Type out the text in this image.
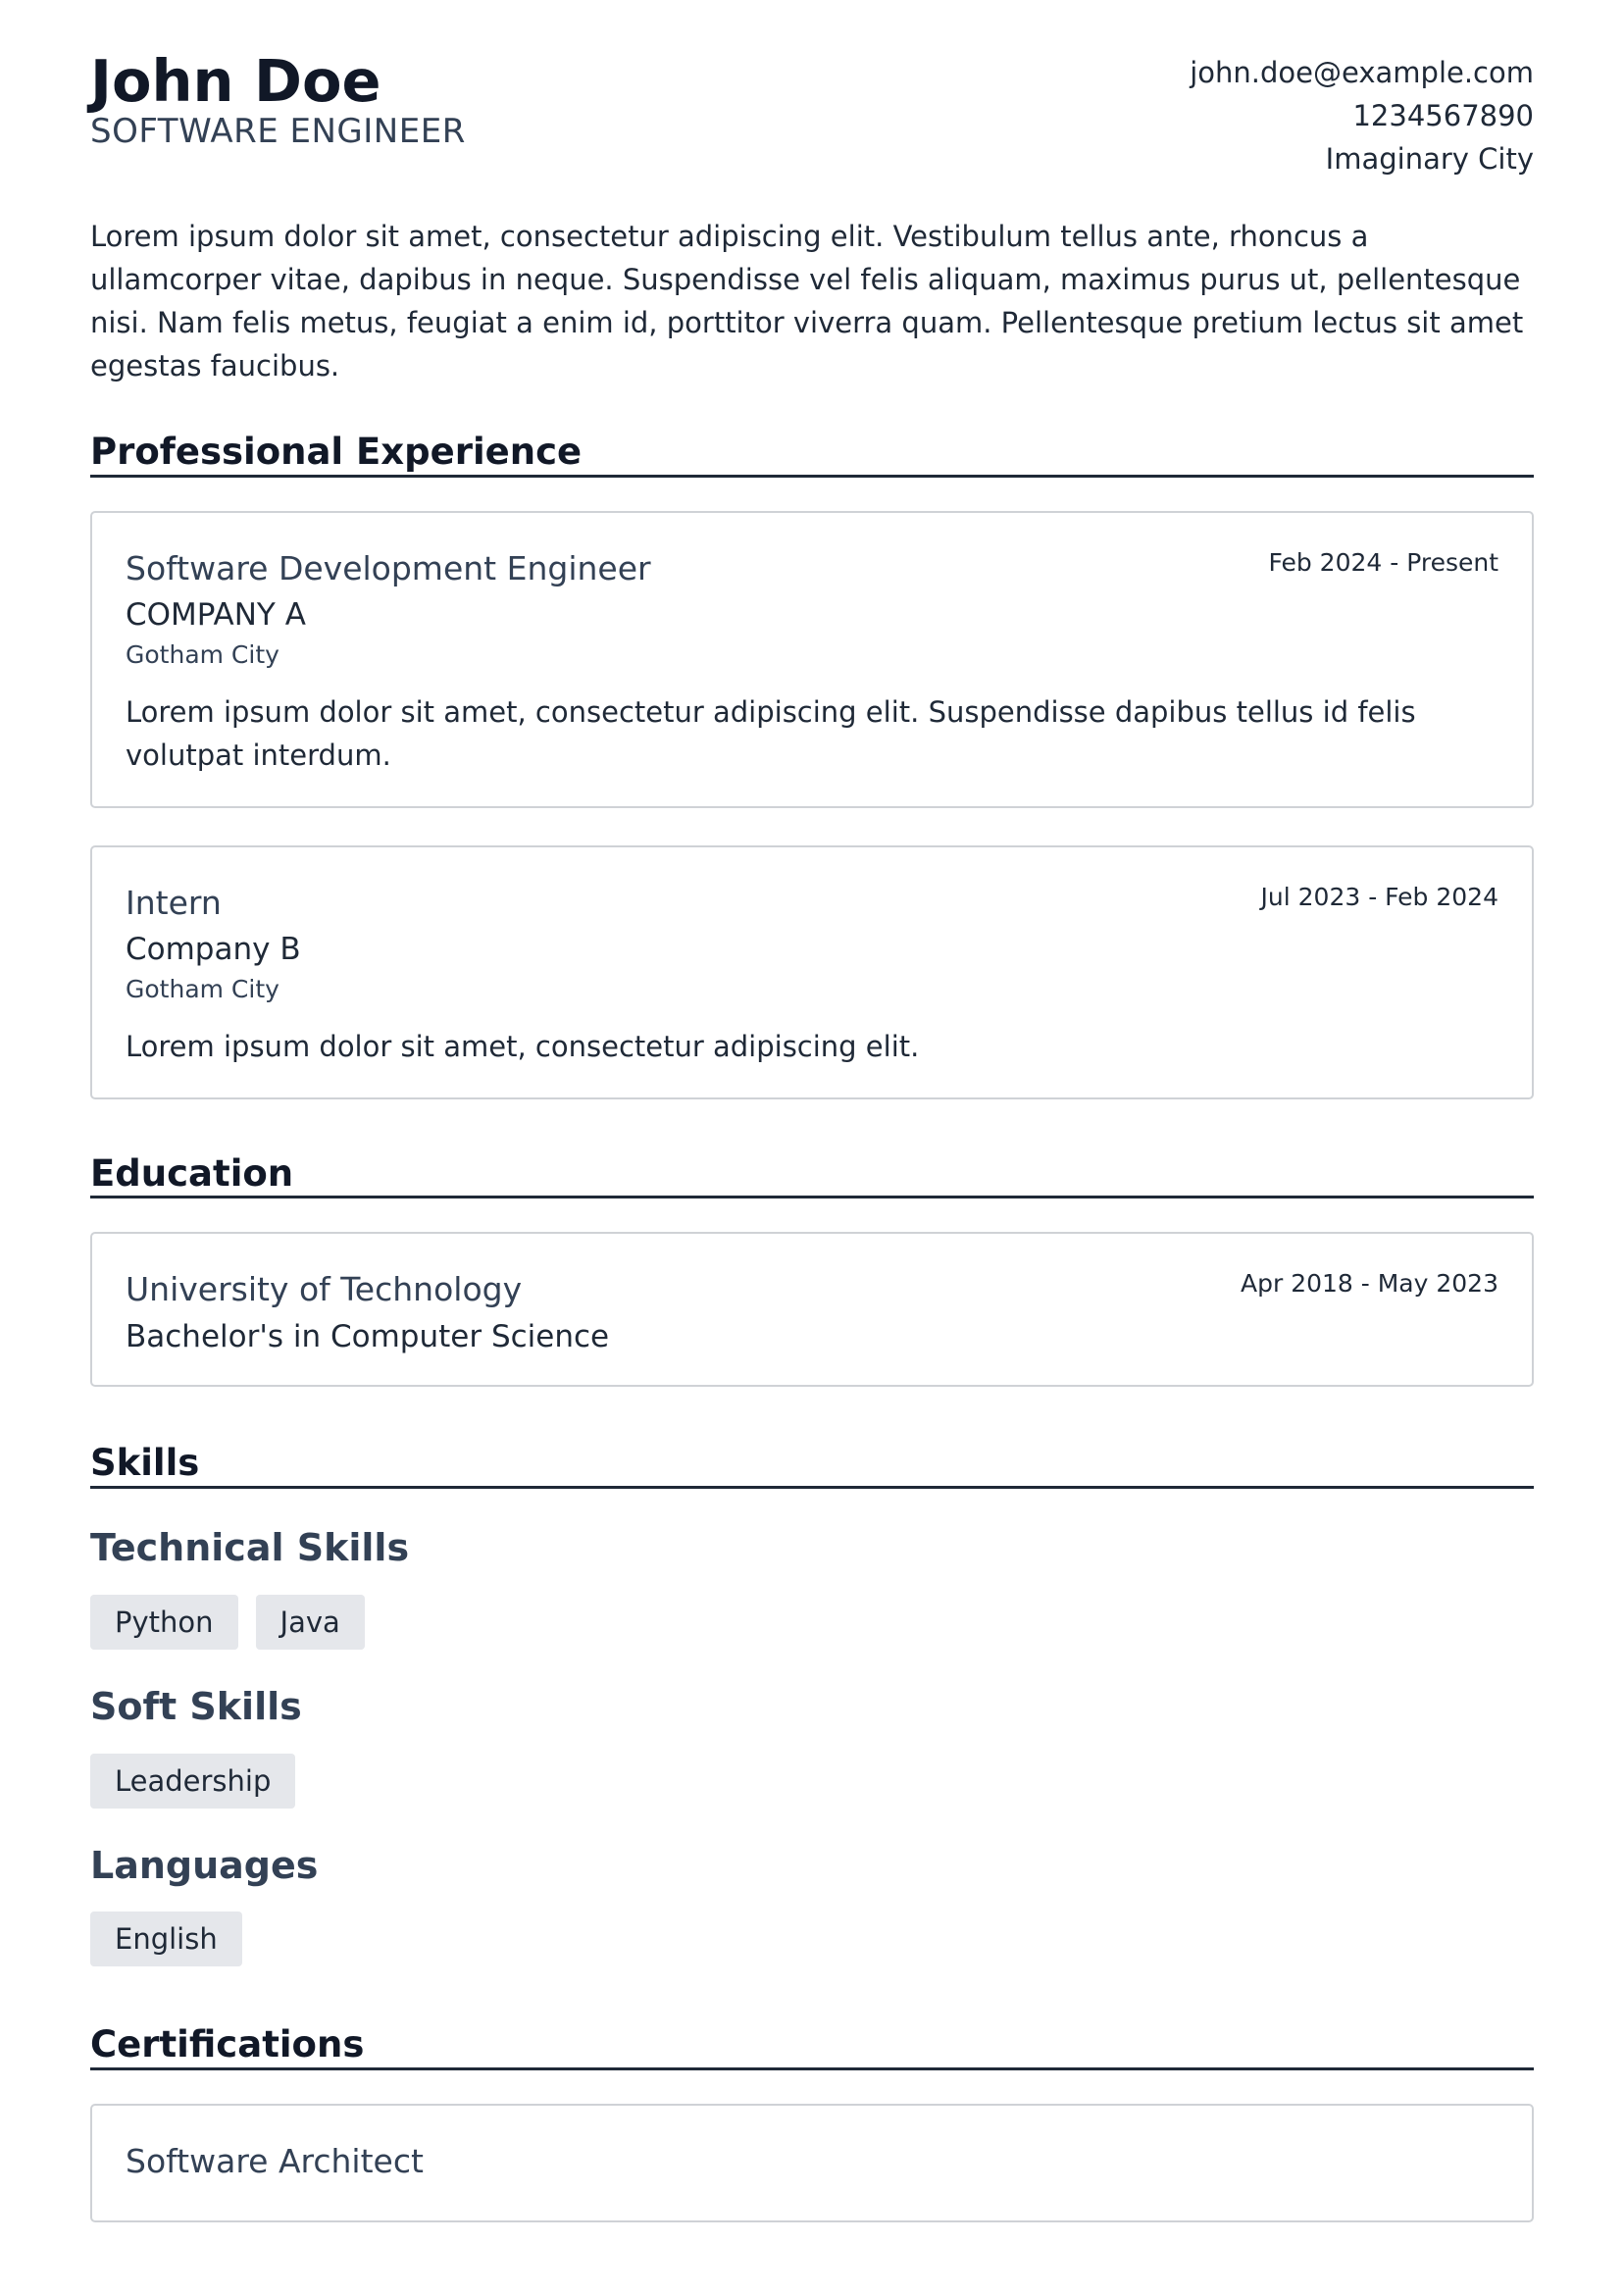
John Doe
SOFTWARE ENGINEER
john.doe@example.com
1234567890
Imaginary City
Lorem ipsum dolor sit amet, consectetur adipiscing elit. Vestibulum tellus ante, rhoncus a ullamcorper vitae, dapibus in neque. Suspendisse vel felis aliquam, maximus purus ut, pellentesque nisi. Nam felis metus, feugiat a enim id, porttitor viverra quam. Pellentesque pretium lectus sit amet egestas faucibus.
Professional Experience
Software Development Engineer	Feb 2024 - Present
COMPANY A
Gotham City
Lorem ipsum dolor sit amet, consectetur adipiscing elit. Suspendisse dapibus tellus id felis volutpat interdum.
Intern	Jul 2023 - Feb 2024
Company B
Gotham City
Lorem ipsum dolor sit amet, consectetur adipiscing elit.
Education
University of Technology	Apr 2018 - May 2023
Bachelor's in Computer Science
Skills
Technical Skills
Python	Java
Soft Skills
Leadership
Languages
English
Certifications
Software Architect
